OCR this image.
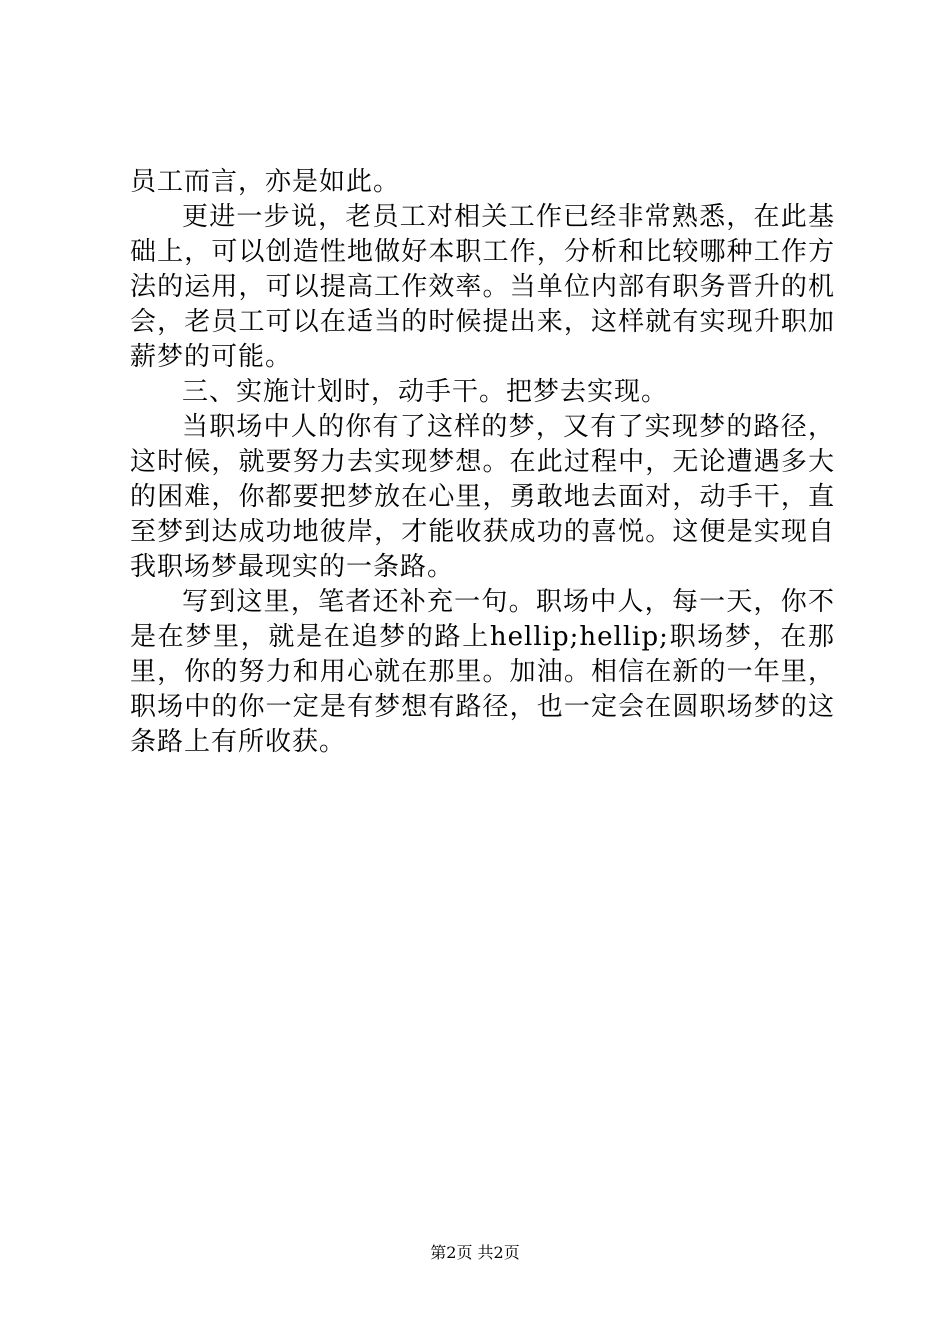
员工而言，亦是如此。

更进一步说，老员工对相关工作已经非常熟悉，在此基础上，可以创造性地做好本职工作，分析和比较哪种工作方法的运用，可以提高工作效率。当单位内部有职务晋升的机会，老员工可以在适当的时候提出来，这样就有实现升职加薪梦的可能。

三、实施计划时，动手干。把梦去实现。

当职场中人的你有了这样的梦，又有了实现梦的路径，这时候，就要努力去实现梦想。在此过程中，无论遭遇多大的困难，你都要把梦放在心里，勇敢地去面对，动手干，直至梦到达成功地彼岸，才能收获成功的喜悦。这便是实现自我职场梦最现实的一条路。

写到这里，笔者还补充一句。职场中人，每一天，你不是在梦里，就是在追梦的路上hellip;hellip;职场梦，在那里，你的努力和用心就在那里。加油。相信在新的一年里，职场中的你一定是有梦想有路径，也一定会在圆职场梦的这条路上有所收获。

第2页 共2页
